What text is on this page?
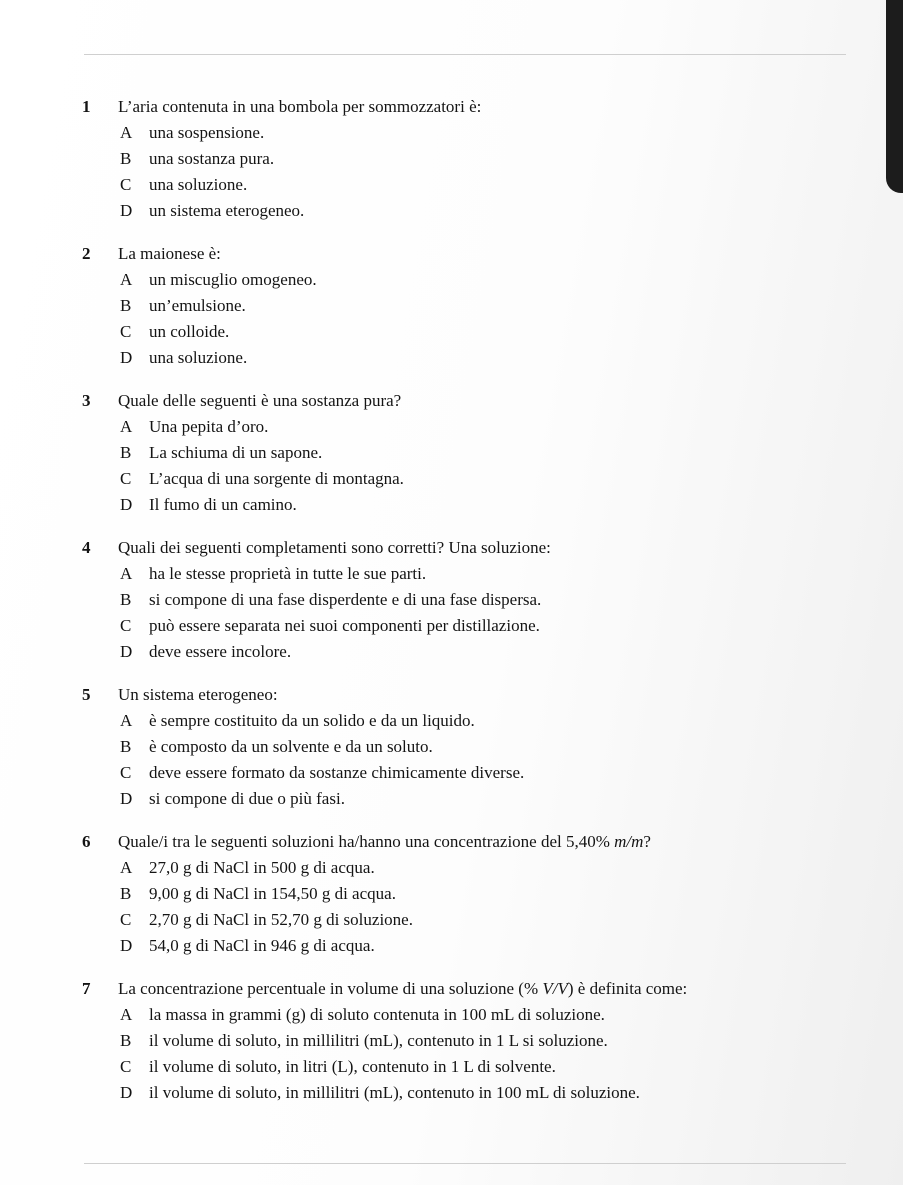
1 L’aria contenuta in una bombola per sommozzatori è:
A una sospensione.
B una sostanza pura.
C una soluzione.
D un sistema eterogeneo.
2 La maionese è:
A un miscuglio omogeneo.
B un’emulsione.
C un colloide.
D una soluzione.
3 Quale delle seguenti è una sostanza pura?
A Una pepita d’oro.
B La schiuma di un sapone.
C L’acqua di una sorgente di montagna.
D Il fumo di un camino.
4 Quali dei seguenti completamenti sono corretti? Una soluzione:
A ha le stesse proprietà in tutte le sue parti.
B si compone di una fase disperdente e di una fase dispersa.
C può essere separata nei suoi componenti per distillazione.
D deve essere incolore.
5 Un sistema eterogeneo:
A è sempre costituito da un solido e da un liquido.
B è composto da un solvente e da un soluto.
C deve essere formato da sostanze chimicamente diverse.
D si compone di due o più fasi.
6 Quale/i tra le seguenti soluzioni ha/hanno una concentrazione del 5,40% m/m?
A 27,0 g di NaCl in 500 g di acqua.
B 9,00 g di NaCl in 154,50 g di acqua.
C 2,70 g di NaCl in 52,70 g di soluzione.
D 54,0 g di NaCl in 946 g di acqua.
7 La concentrazione percentuale in volume di una soluzione (% V/V) è definita come:
A la massa in grammi (g) di soluto contenuta in 100 mL di soluzione.
B il volume di soluto, in millilitri (mL), contenuto in 1 L si soluzione.
C il volume di soluto, in litri (L), contenuto in 1 L di solvente.
D il volume di soluto, in millilitri (mL), contenuto in 100 mL di soluzione.
